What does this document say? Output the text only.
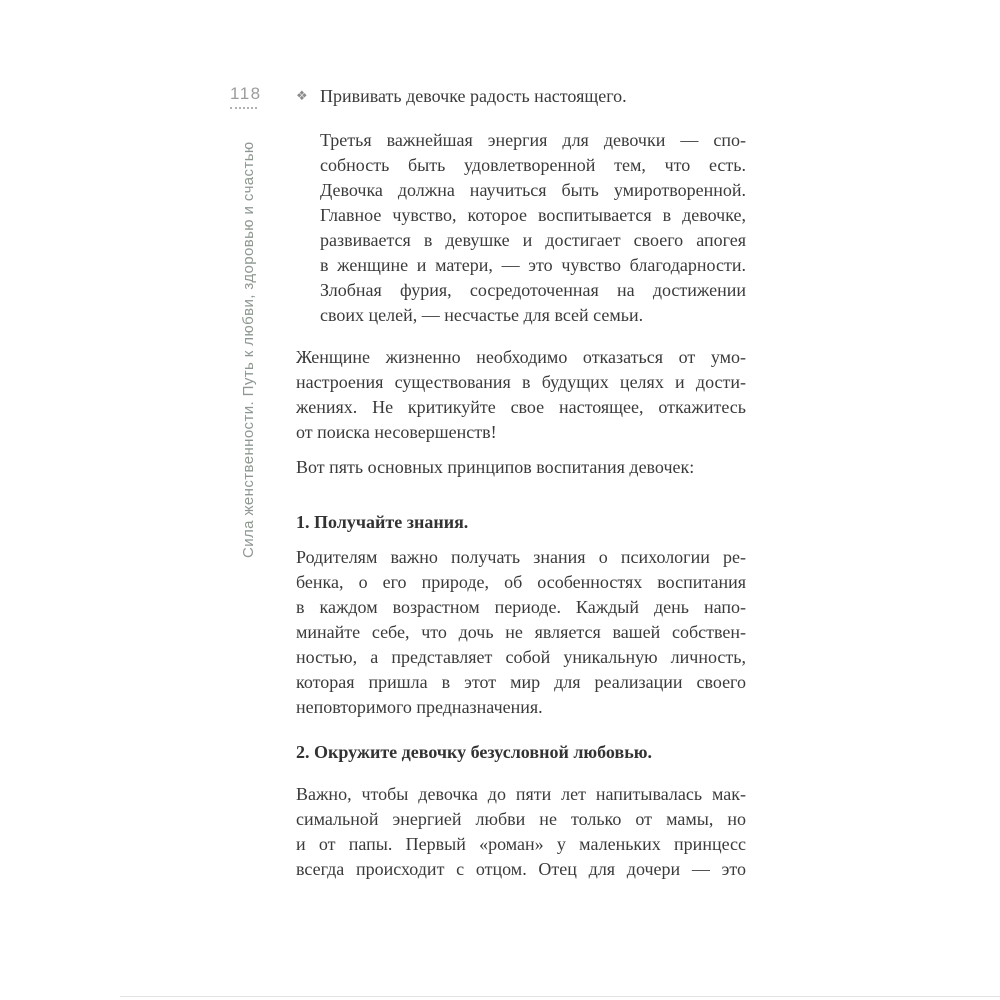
118
Сила женственности. Путь к любви, здоровью и счастью
❖ Прививать девочке радость настоящего.
Третья важнейшая энергия для девочки — спо-
собность быть удовлетворенной тем, что есть.
Девочка должна научиться быть умиротворенной.
Главное чувство, которое воспитывается в девочке,
развивается в девушке и достигает своего апогея
в женщине и матери, — это чувство благодарности.
Злобная фурия, сосредоточенная на достижении
своих целей, — несчастье для всей семьи.
Женщине жизненно необходимо отказаться от умо-
настроения существования в будущих целях и дости-
жениях. Не критикуйте свое настоящее, откажитесь
от поиска несовершенств!
Вот пять основных принципов воспитания девочек:
1. Получайте знания.
Родителям важно получать знания о психологии ре-
бенка, о его природе, об особенностях воспитания
в каждом возрастном периоде. Каждый день напо-
минайте себе, что дочь не является вашей собствен-
ностью, а представляет собой уникальную личность,
которая пришла в этот мир для реализации своего
неповторимого предназначения.
2. Окружите девочку безусловной любовью.
Важно, чтобы девочка до пяти лет напитывалась мак-
симальной энергией любви не только от мамы, но
и от папы. Первый «роман» у маленьких принцесс
всегда происходит с отцом. Отец для дочери — это
